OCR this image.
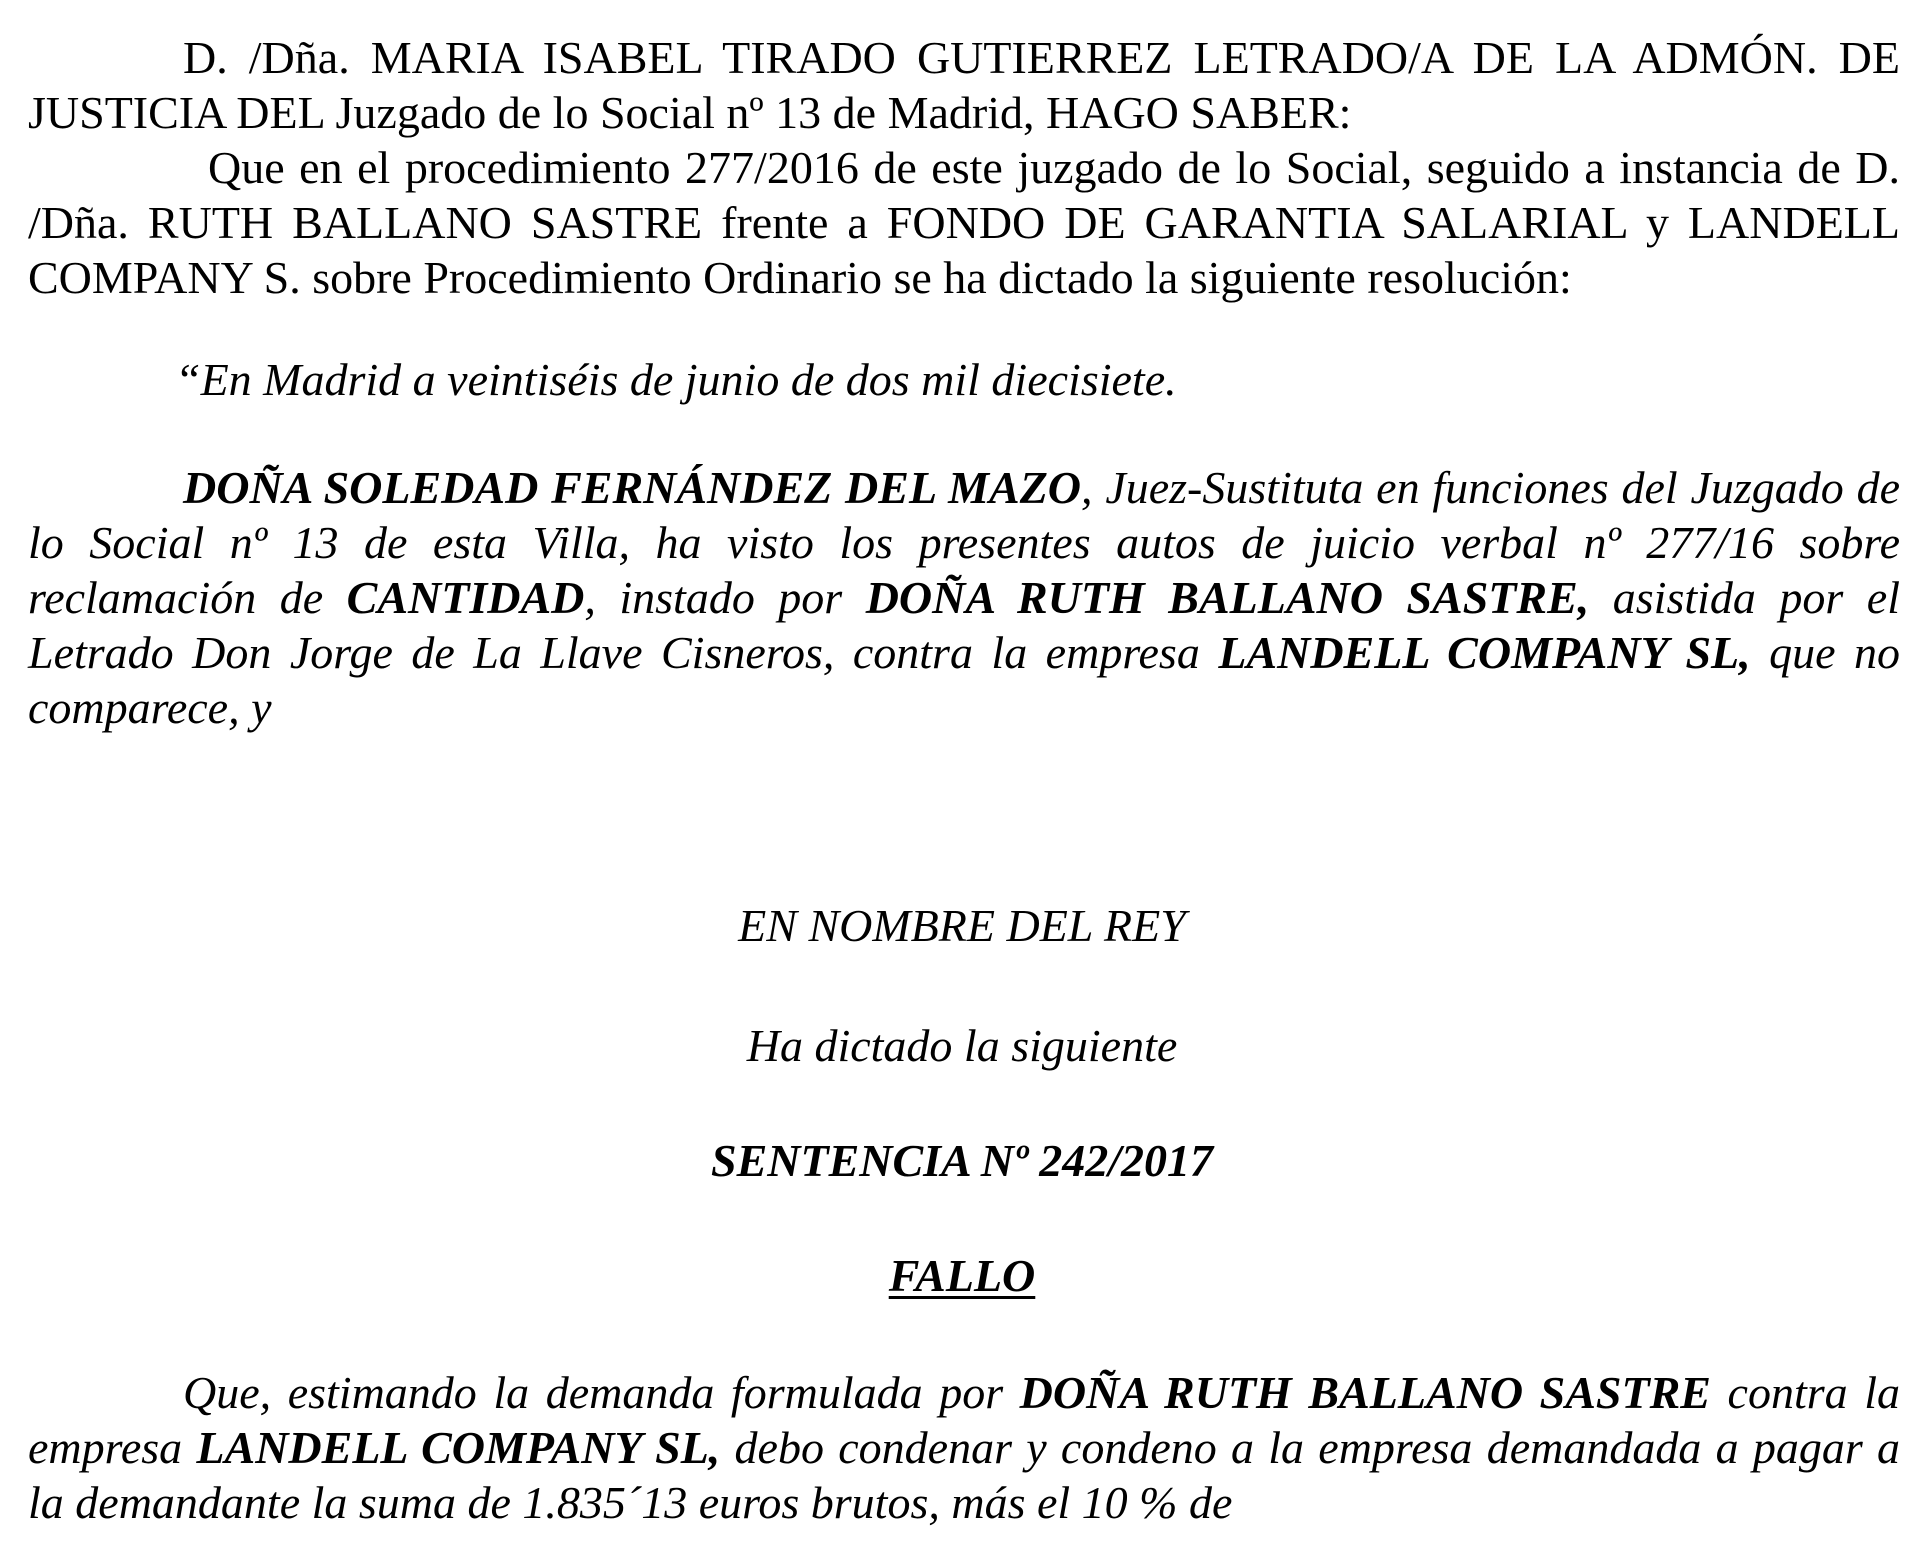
D. /Dña. MARIA ISABEL TIRADO GUTIERREZ LETRADO/A DE LA ADMÓN. DE JUSTICIA DEL Juzgado de lo Social nº 13 de Madrid, HAGO SABER:
Que en el procedimiento 277/2016 de este juzgado de lo Social, seguido a instancia de D. /Dña. RUTH BALLANO SASTRE frente a FONDO DE GARANTIA SALARIAL y LANDELL COMPANY S. sobre Procedimiento Ordinario se ha dictado la siguiente resolución:
“En Madrid a veintiséis de junio de dos mil diecisiete.
DOÑA SOLEDAD FERNÁNDEZ DEL MAZO, Juez-Sustituta en funciones del Juzgado de lo Social nº 13 de esta Villa, ha visto los presentes autos de juicio verbal nº 277/16 sobre reclamación de CANTIDAD, instado por DOÑA RUTH BALLANO SASTRE, asistida por el Letrado Don Jorge de La Llave Cisneros, contra la empresa LANDELL COMPANY SL, que no comparece, y
EN NOMBRE DEL REY
Ha dictado la siguiente
SENTENCIA Nº 242/2017
FALLO
Que, estimando la demanda formulada por DOÑA RUTH BALLANO SASTRE contra la empresa LANDELL COMPANY SL, debo condenar y condeno a la empresa demandada a pagar a la demandante la suma de 1.835´13 euros brutos, más el 10 % de
